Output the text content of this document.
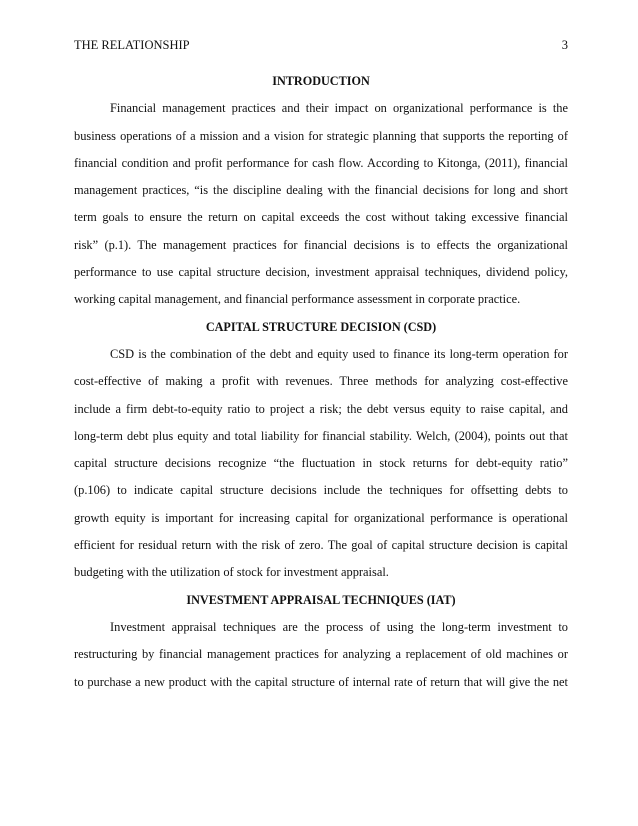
THE RELATIONSHIP	3
INTRODUCTION
Financial management practices and their impact on organizational performance is the
business operations of a mission and a vision for strategic planning that supports the reporting of
financial condition and profit performance for cash flow. According to Kitonga, (2011), financial
management practices, “is the discipline dealing with the financial decisions for long and short
term goals to ensure the return on capital exceeds the cost without taking excessive financial
risk” (p.1). The management practices for financial decisions is to effects the organizational
performance to use capital structure decision, investment appraisal techniques, dividend policy,
working capital management, and financial performance assessment in corporate practice.
CAPITAL STRUCTURE DECISION (CSD)
CSD is the combination of the debt and equity used to finance its long-term operation for
cost-effective of making a profit with revenues. Three methods for analyzing cost-effective
include a firm debt-to-equity ratio to project a risk; the debt versus equity to raise capital, and
long-term debt plus equity and total liability for financial stability. Welch, (2004), points out that
capital structure decisions recognize “the fluctuation in stock returns for debt-equity ratio”
(p.106) to indicate capital structure decisions include the techniques for offsetting debts to
growth equity is important for increasing capital for organizational performance is operational
efficient for residual return with the risk of zero. The goal of capital structure decision is capital
budgeting with the utilization of stock for investment appraisal.
INVESTMENT APPRAISAL TECHNIQUES (IAT)
Investment appraisal techniques are the process of using the long-term investment to
restructuring by financial management practices for analyzing a replacement of old machines or
to purchase a new product with the capital structure of internal rate of return that will give the net
